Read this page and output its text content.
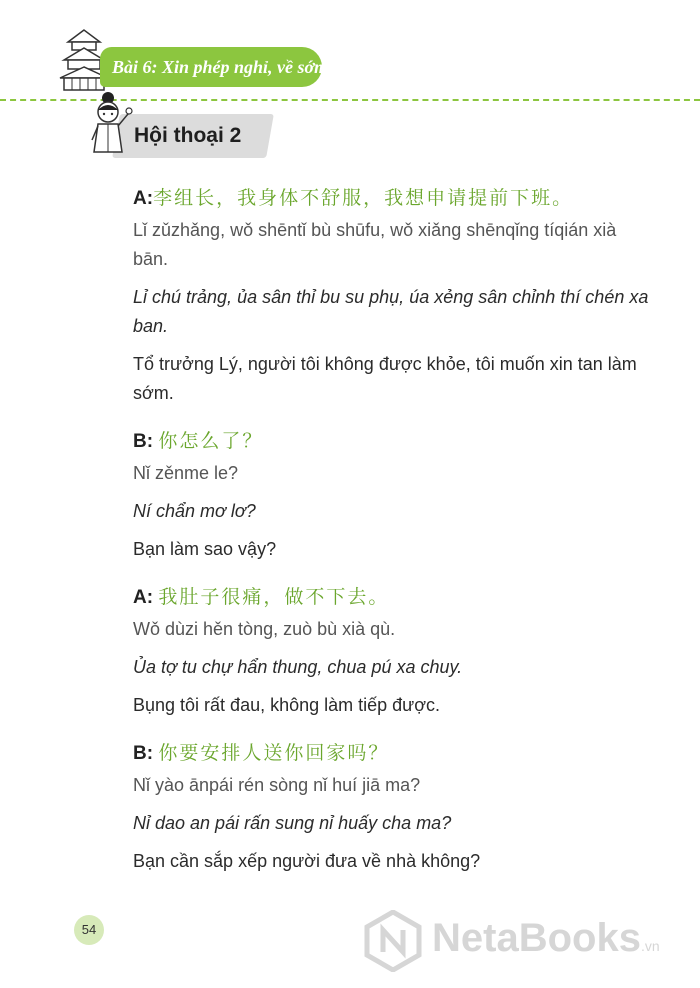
Bài 6: Xin phép nghỉ, về sớm
Hội thoại 2

A:李组长，我身体不舒服，我想申请提前下班。

Lǐ zǔzhǎng, wǒ shēntǐ bù shūfu, wǒ xiǎng shēnqǐng tíqián xià bān.

Lỉ chú trảng, ủa sân thỉ bu su phụ, úa xẻng sân chỉnh thí chén xa ban.

Tổ trưởng Lý, người tôi không được khỏe, tôi muốn xin tan làm sớm.

B: 你怎么了？

Nǐ zěnme le?

Ní chẩn mơ lơ?

Bạn làm sao vậy?

A: 我肚子很痛，做不下去。

Wǒ dùzi hěn tòng, zuò bù xià qù.

Ủa tợ tu chự hẩn thung, chua pú xa chuy.

Bụng tôi rất đau, không làm tiếp được.

B: 你要安排人送你回家吗？

Nǐ yào ānpái rén sòng nǐ huí jiā ma?

Nỉ dao an pái rấn sung nỉ huấy cha ma?

Bạn cần sắp xếp người đưa về nhà không?

54	NetaBooks.vn
